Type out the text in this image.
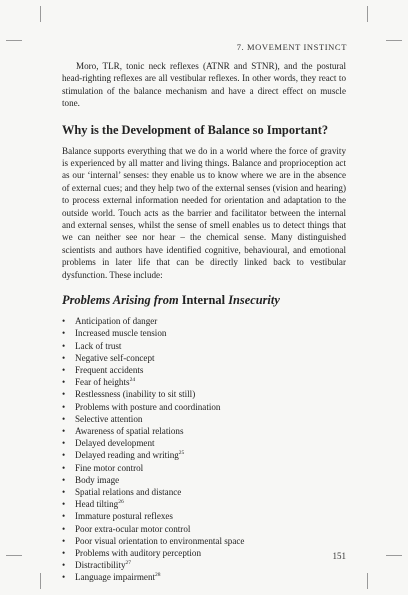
7. MOVEMENT INSTINCT

Moro, TLR, tonic neck reflexes (ATNR and STNR), and the postural head-righting reflexes are all vestibular reflexes. In other words, they react to stimulation of the balance mechanism and have a direct effect on muscle tone.

Why is the Development of Balance so Important?

Balance supports everything that we do in a world where the force of gravity is experienced by all matter and living things. Balance and proprioception act as our ‘internal’ senses: they enable us to know where we are in the absence of external cues; and they help two of the external senses (vision and hearing) to process external information needed for orientation and adaptation to the outside world. Touch acts as the barrier and facilitator between the internal and external senses, whilst the sense of smell enables us to detect things that we can neither see nor hear – the chemical sense. Many distinguished scientists and authors have identified cognitive, behavioural, and emotional problems in later life that can be directly linked back to vestibular dysfunction. These include:

Problems Arising from Internal Insecurity
• Anticipation of danger
• Increased muscle tension
• Lack of trust
• Negative self-concept
• Frequent accidents
• Fear of heights$^{24}$
• Restlessness (inability to sit still)
• Problems with posture and coordination
• Selective attention
• Awareness of spatial relations
• Delayed development
• Delayed reading and writing$^{25}$
• Fine motor control
• Body image
• Spatial relations and distance
• Head tilting$^{26}$
• Immature postural reflexes
• Poor extra-ocular motor control
• Poor visual orientation to environmental space
• Problems with auditory perception
• Distractibility$^{27}$
• Language impairment$^{28}$
151
